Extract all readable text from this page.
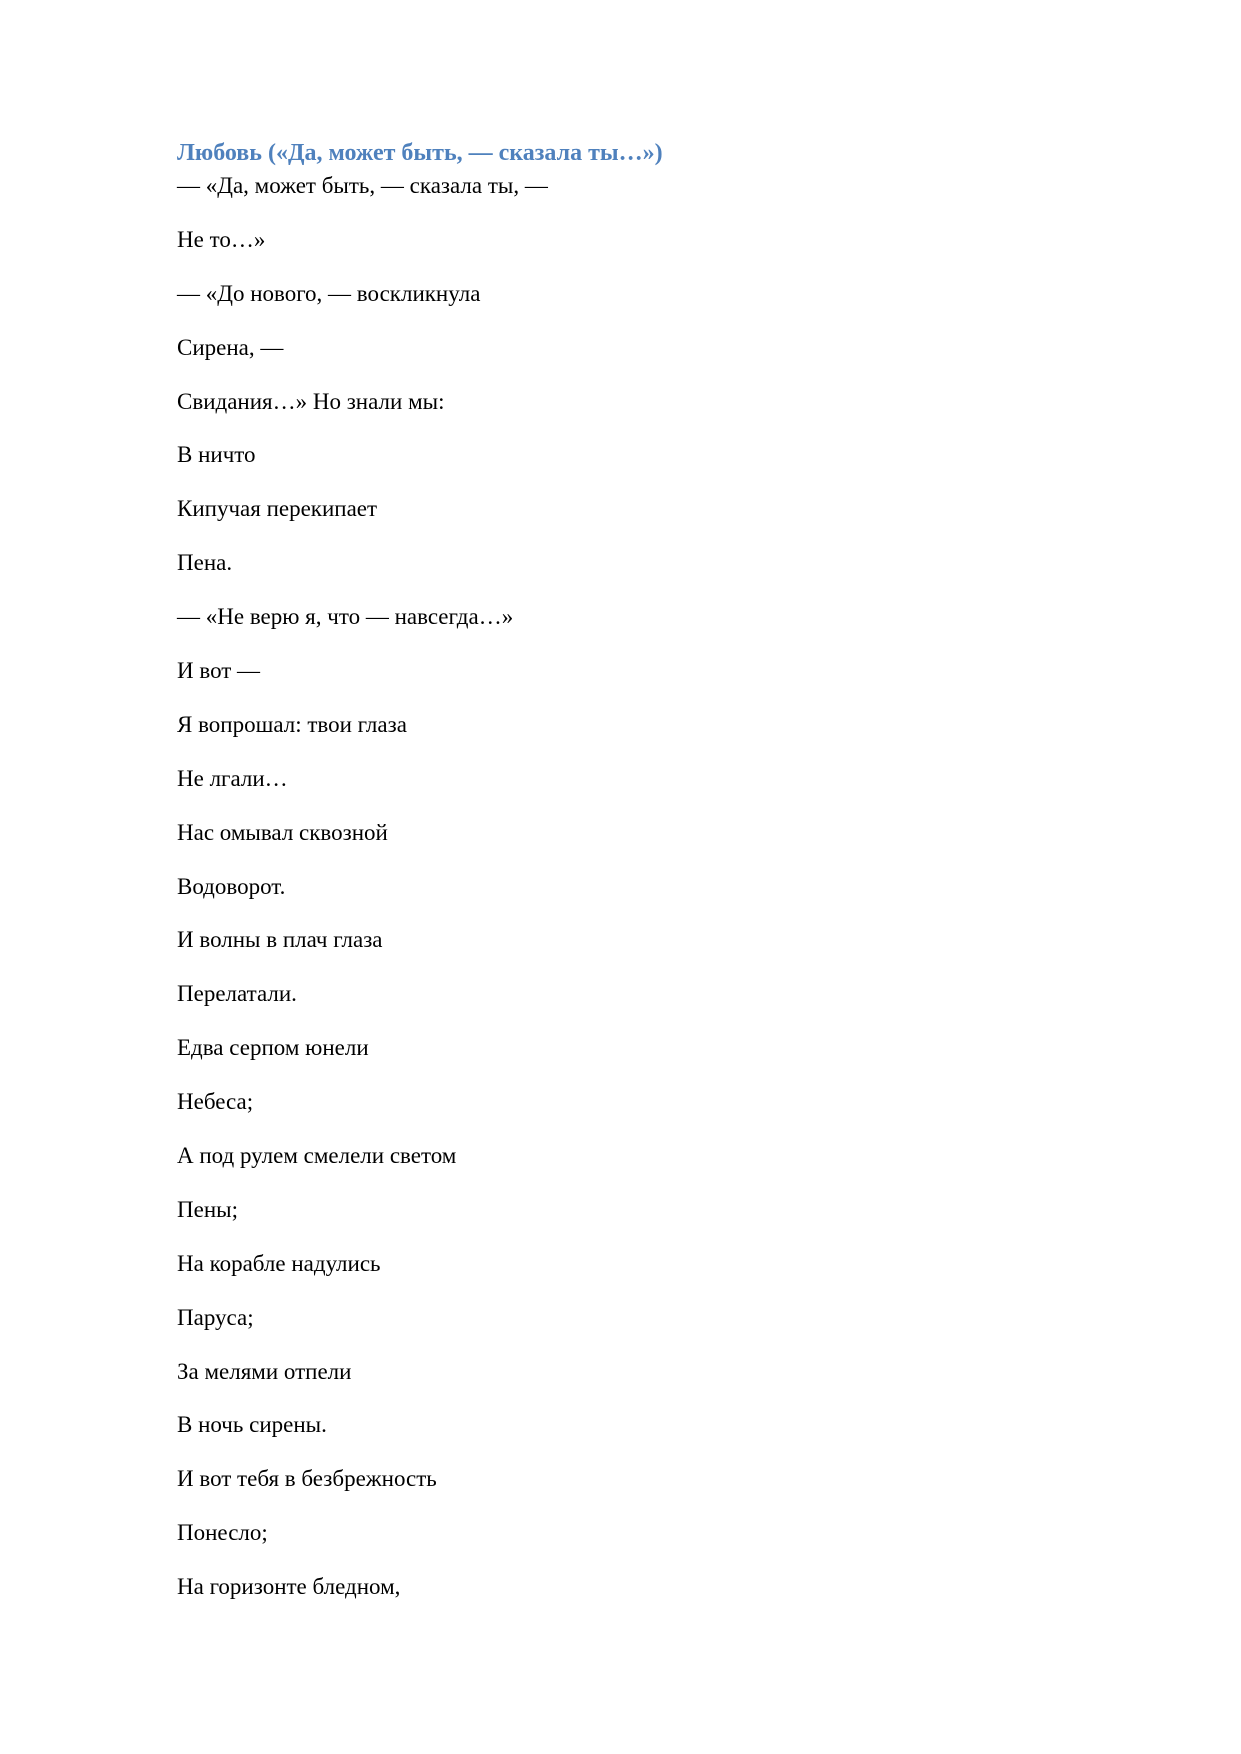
Любовь («Да, может быть, — сказала ты…»)
— «Да, может быть, — сказала ты, —
Не то…»
— «До нового, — воскликнула
Сирена, —
Свидания…» Но знали мы:
В ничто
Кипучая перекипает
Пена.
— «Не верю я, что — навсегда…»
И вот —
Я вопрошал: твои глаза
Не лгали…
Нас омывал сквозной
Водоворот.
И волны в плач глаза
Перелатали.
Едва серпом юнели
Небеса;
А под рулем смелели светом
Пены;
На корабле надулись
Паруса;
За мелями отпели
В ночь сирены.
И вот тебя в безбрежность
Понесло;
На горизонте бледном,
